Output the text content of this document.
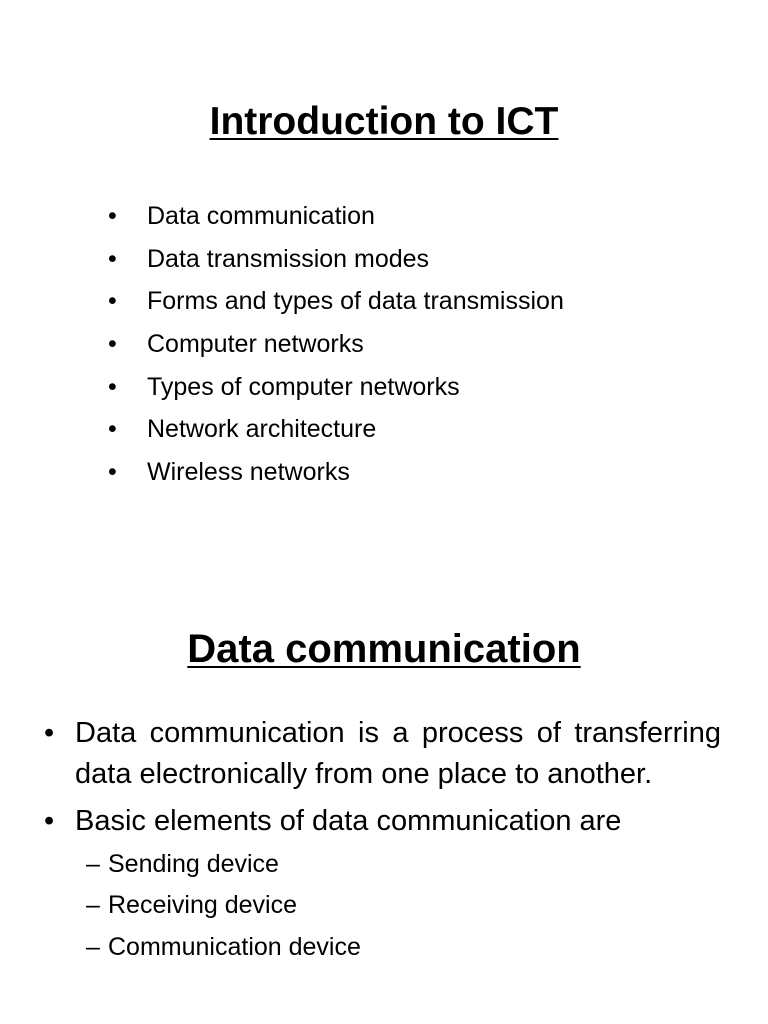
Introduction to ICT
• Data communication
• Data transmission modes
• Forms and types of data transmission
• Computer networks
• Types of computer networks
• Network architecture
• Wireless networks
Data communication
• Data communication is a process of transferring data electronically from one place to another.
• Basic elements of data communication are
– Sending device
– Receiving device
– Communication device
